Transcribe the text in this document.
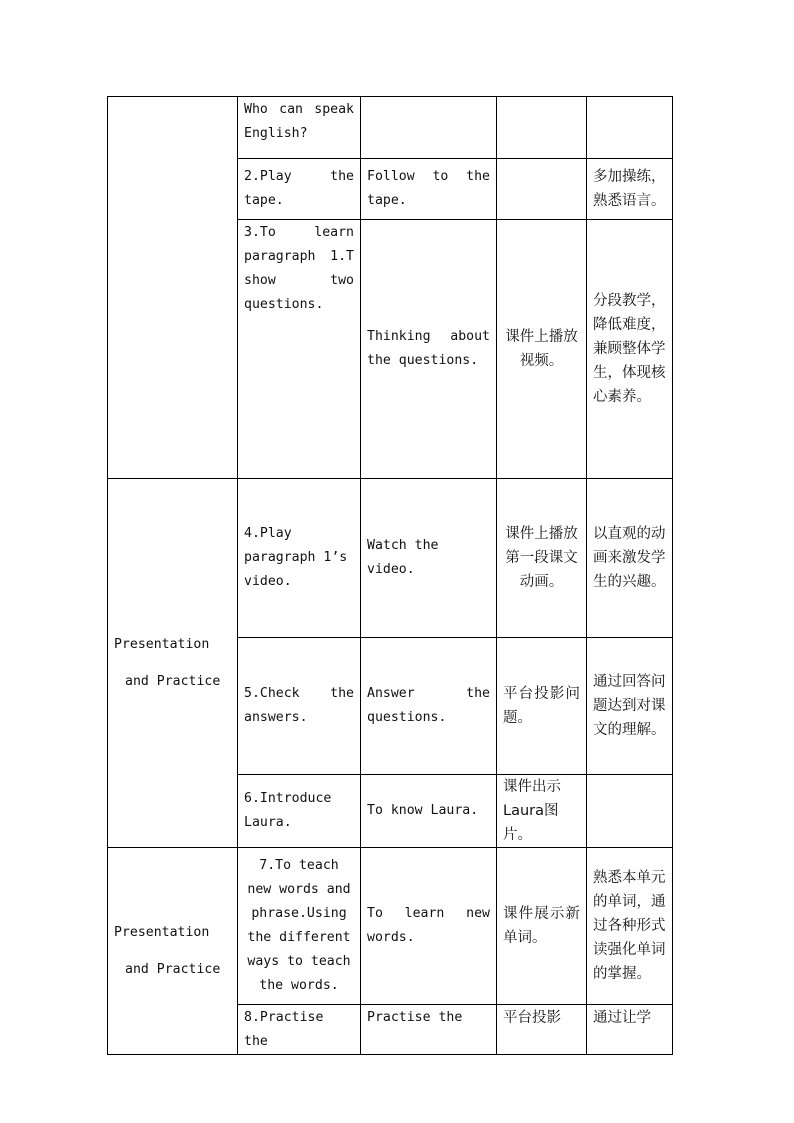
	Who can speak English?			
	2.Play the tape.	Follow to the tape.		多加操练，熟悉语言。
	3.To learn paragraph 1.T show two questions.	Thinking about the questions.	课件上播放视频。	分段教学，降低难度，兼顾整体学生，体现核心素养。

Presentation
and Practice	4.Play paragraph 1’s video.	Watch the video.	课件上播放第一段课文动画。	以直观的动画来激发学生的兴趣。
	5.Check the answers.	Answer the questions.	平台投影问题。	通过回答问题达到对课文的理解。
	6.Introduce Laura.	To know Laura.	课件出示Laura图片。	

Presentation
and Practice	7.To teach new words and phrase.Using the different ways to teach the words.	To learn new words.	课件展示新单词。	熟悉本单元的单词，通过各种形式读强化单词的掌握。
	8.Practise the	Practise the	平台投影	通过让学
